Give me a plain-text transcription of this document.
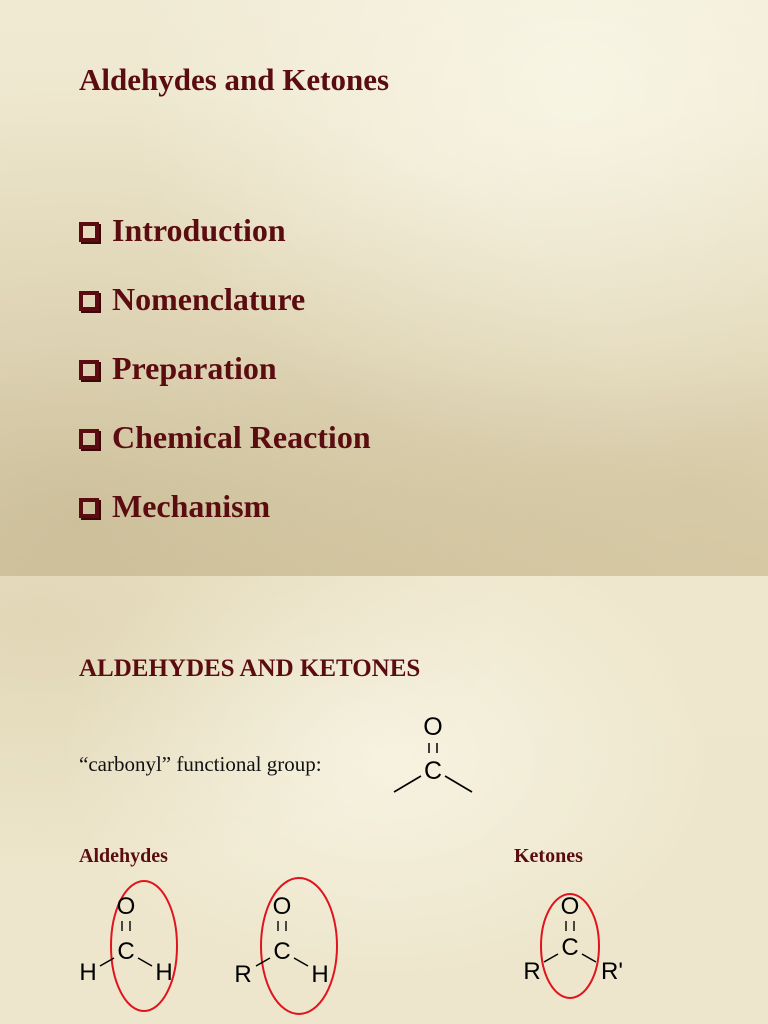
Aldehydes and Ketones
Introduction
Nomenclature
Preparation
Chemical Reaction
Mechanism
ALDEHYDES AND KETONES
“carbonyl” functional group:
O
C
Aldehydes	Ketones
O
C
H H
O
C
R H
O
C
R	R'
